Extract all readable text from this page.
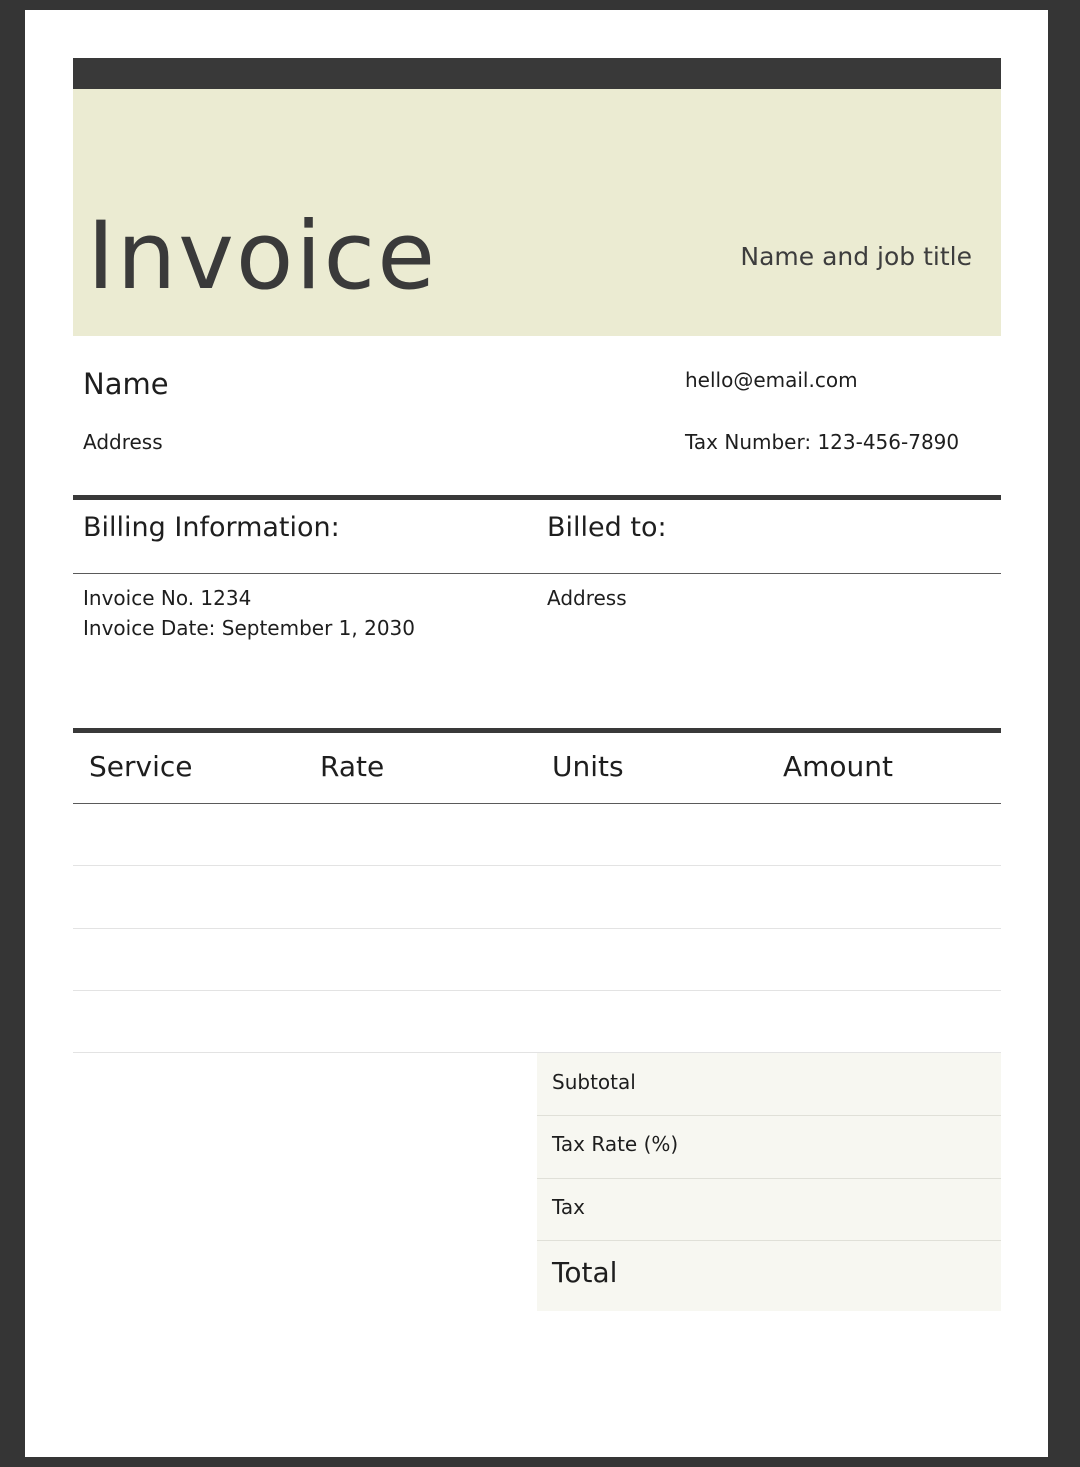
Invoice	Name and job title
Name
Address
hello@email.com
Tax Number: 123-456-7890
Billing Information:	Billed to:
Invoice No. 1234
Invoice Date: September 1, 2030
Address
Service	Rate	Units	Amount
Subtotal
Tax Rate (%)
Tax
Total
